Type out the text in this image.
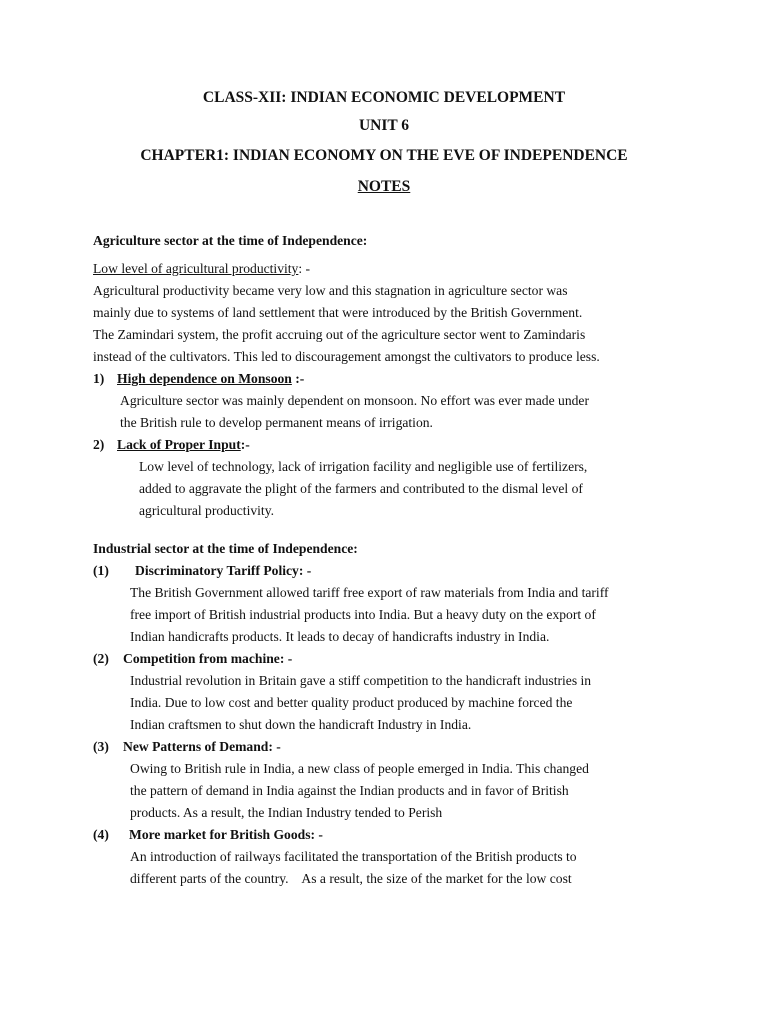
CLASS-XII: INDIAN ECONOMIC DEVELOPMENT
UNIT 6
CHAPTER1: INDIAN ECONOMY ON THE EVE OF INDEPENDENCE
NOTES

Agriculture sector at the time of Independence:

Low level of agricultural productivity: -

Agricultural productivity became very low and this stagnation in agriculture sector was

mainly due to systems of land settlement that were introduced by the British Government.

The Zamindari system, the profit accruing out of the agriculture sector went to Zamindaris

instead of the cultivators. This led to discouragement amongst the cultivators to produce less.

1) High dependence on Monsoon :-

Agriculture sector was mainly dependent on monsoon. No effort was ever made under

the British rule to develop permanent means of irrigation.

2) Lack of Proper Input:-

Low level of technology, lack of irrigation facility and negligible use of fertilizers,

added to aggravate the plight of the farmers and contributed to the dismal level of

agricultural productivity.

Industrial sector at the time of Independence:

(1)	Discriminatory Tariff Policy: -

The British Government allowed tariff free export of raw materials from India and tariff

free import of British industrial products into India. But a heavy duty on the export of

Indian handicrafts products. It leads to decay of handicrafts industry in India.

(2)	Competition from machine: -

Industrial revolution in Britain gave a stiff competition to the handicraft industries in

India. Due to low cost and better quality product produced by machine forced the

Indian craftsmen to shut down the handicraft Industry in India.

(3)	New Patterns of Demand: -

Owing to British rule in India, a new class of people emerged in India. This changed

the pattern of demand in India against the Indian products and in favor of British

products. As a result, the Indian Industry tended to Perish

(4)	More market for British Goods: -

An introduction of railways facilitated the transportation of the British products to

different parts of the country.    As a result, the size of the market for the low cost
